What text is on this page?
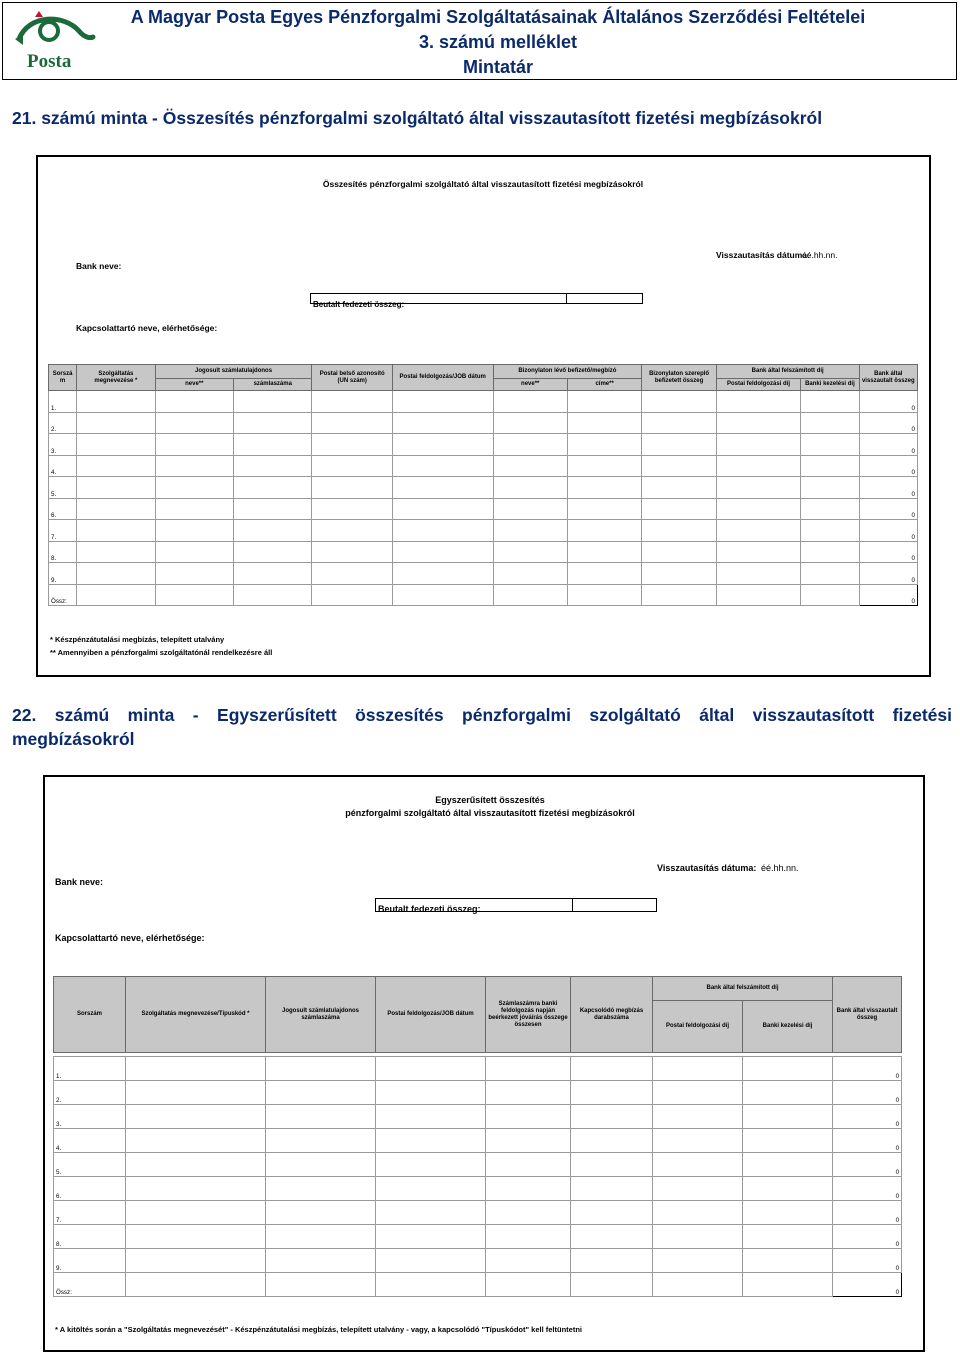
Posta
A Magyar Posta Egyes Pénzforgalmi Szolgáltatásainak Általános Szerződési Feltételei
3. számú melléklet
Mintatár
21. számú minta - Összesítés pénzforgalmi szolgáltató által visszautasított fizetési megbízásokról
Összesítés pénzforgalmi szolgáltató által visszautasított fizetési megbízásokról
Bank neve:
Visszautasítás dátuma:
éé.hh.nn.
Beutalt fedezeti összeg:
Kapcsolattartó neve, elérhetősége:
Sorszá m	Szolgáltatás megnevezése *	Jogosult számlatulajdonos		Postai belső azonosító (UN szám)	Postai feldolgozás/JOB dátum	Bizonylaton lévő befizető/megbízó		Bizonylaton szereplő befizetett összeg	Bank által felszámított díj		Bank által visszautalt összeg
		neve**	számlaszáma			neve**	címe**		Postai feldolgozási díj	Banki kezelési díj	
1.											0
2.											0
3.											0
4.											0
5.											0
6.											0
7.											0
8.											0
9.											0
Össz:											0
* Készpénzátutalási megbízás, telepített utalvány
** Amennyiben a pénzforgalmi szolgáltatónál rendelkezésre áll
22. számú minta - Egyszerűsített összesítés pénzforgalmi szolgáltató által visszautasított fizetési
megbízásokról
Egyszerűsített összesítés
pénzforgalmi szolgáltató által visszautasított fizetési megbízásokról
Bank neve:
Visszautasítás dátuma: éé.hh.nn.
Beutalt fedezeti összeg:
Kapcsolattartó neve, elérhetősége:
Sorszám	Szolgáltatás megnevezése/Típuskód *	Jogosult számlatulajdonos számlaszáma	Postai feldolgozás/JOB dátum	Számlaszámra banki feldolgozás napján beérkezett jóváírás összege összesen	Kapcsolódó megbízás darabszáma	Bank által felszámított díj		Bank által visszautalt összeg
						Postai feldolgozási díj	Banki kezelési díj	

1.								0
2.								0
3.								0
4.								0
5.								0
6.								0
7.								0
8.								0
9.								0
Össz:								0
* A kitöltés során a "Szolgáltatás megnevezését" - Készpénzátutalási megbízás, telepített utalvány - vagy, a kapcsolódó "Típuskódot" kell feltüntetni
